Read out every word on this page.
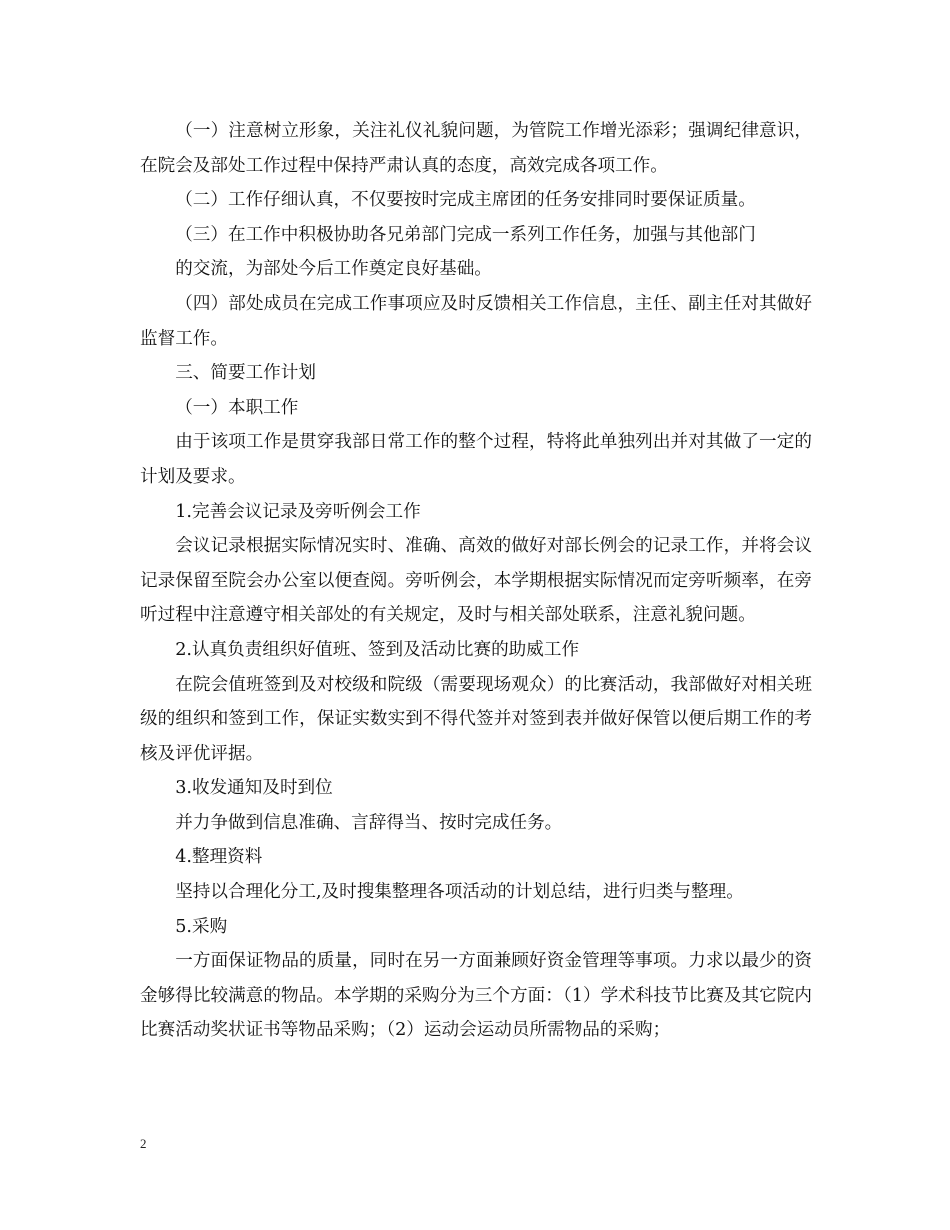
（一）注意树立形象，关注礼仪礼貌问题，为管院工作增光添彩；强调纪律意识，在院会及部处工作过程中保持严肃认真的态度，高效完成各项工作。

（二）工作仔细认真，不仅要按时完成主席团的任务安排同时要保证质量。

（三）在工作中积极协助各兄弟部门完成一系列工作任务，加强与其他部门

的交流，为部处今后工作奠定良好基础。

（四）部处成员在完成工作事项应及时反馈相关工作信息，主任、副主任对其做好监督工作。

三、简要工作计划

（一）本职工作

由于该项工作是贯穿我部日常工作的整个过程，特将此单独列出并对其做了一定的计划及要求。

1.完善会议记录及旁听例会工作

会议记录根据实际情况实时、准确、高效的做好对部长例会的记录工作，并将会议记录保留至院会办公室以便查阅。旁听例会，本学期根据实际情况而定旁听频率，在旁听过程中注意遵守相关部处的有关规定，及时与相关部处联系，注意礼貌问题。

2.认真负责组织好值班、签到及活动比赛的助威工作

在院会值班签到及对校级和院级（需要现场观众）的比赛活动，我部做好对相关班级的组织和签到工作，保证实数实到不得代签并对签到表并做好保管以便后期工作的考核及评优评据。

3.收发通知及时到位

并力争做到信息准确、言辞得当、按时完成任务。

4.整理资料

坚持以合理化分工,及时搜集整理各项活动的计划总结，进行归类与整理。

5.采购

一方面保证物品的质量，同时在另一方面兼顾好资金管理等事项。力求以最少的资金够得比较满意的物品。本学期的采购分为三个方面：（1）学术科技节比赛及其它院内比赛活动奖状证书等物品采购；（2）运动会运动员所需物品的采购；

2
